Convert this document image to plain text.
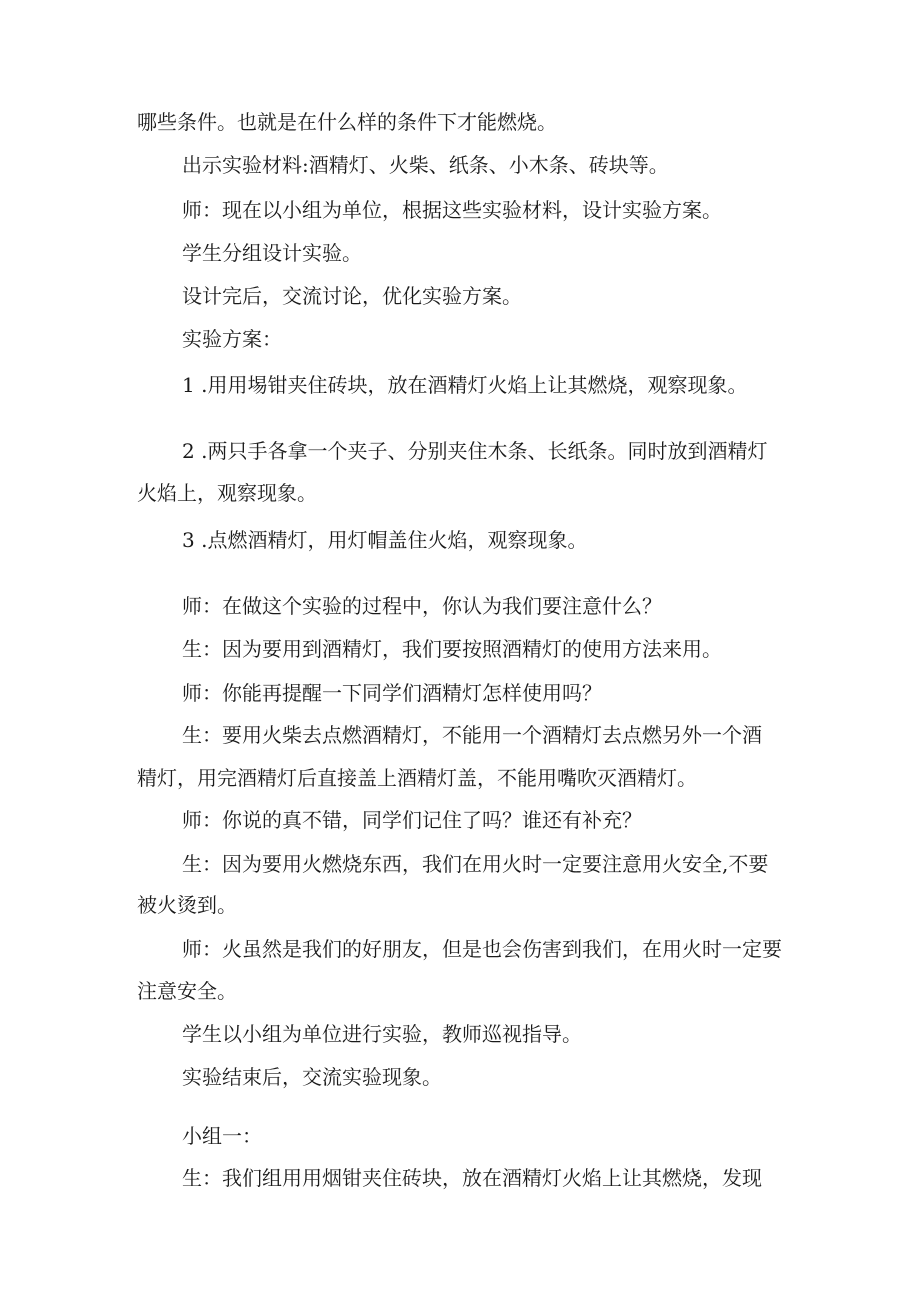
哪些条件。也就是在什么样的条件下才能燃烧。
出示实验材料:酒精灯、火柴、纸条、小木条、砖块等。
师：现在以小组为单位，根据这些实验材料，设计实验方案。
学生分组设计实验。
设计完后，交流讨论，优化实验方案。
实验方案：
1 .用用埸钳夹住砖块，放在酒精灯火焰上让其燃烧，观察现象。
2 .两只手各拿一个夹子、分别夹住木条、长纸条。同时放到酒精灯
火焰上，观察现象。
3 .点燃酒精灯，用灯帽盖住火焰，观察现象。
师：在做这个实验的过程中，你认为我们要注意什么？
生：因为要用到酒精灯，我们要按照酒精灯的使用方法来用。
师：你能再提醒一下同学们酒精灯怎样使用吗？
生：要用火柴去点燃酒精灯，不能用一个酒精灯去点燃另外一个酒
精灯，用完酒精灯后直接盖上酒精灯盖，不能用嘴吹灭酒精灯。
师：你说的真不错，同学们记住了吗？谁还有补充？
生：因为要用火燃烧东西，我们在用火时一定要注意用火安全,不要
被火烫到。
师：火虽然是我们的好朋友，但是也会伤害到我们，在用火时一定要
注意安全。
学生以小组为单位进行实验，教师巡视指导。
实验结束后，交流实验现象。
小组一：
生：我们组用用烟钳夹住砖块，放在酒精灯火焰上让其燃烧，发现
